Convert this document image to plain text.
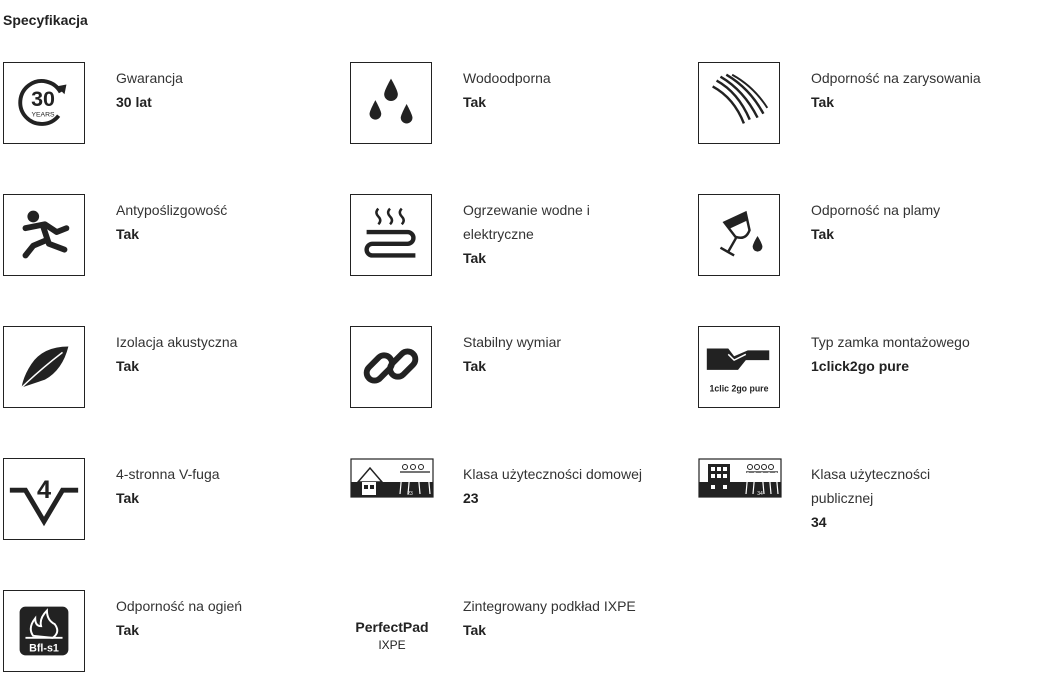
Specyfikacja
30
YEARS
Gwarancja
30 lat
Wodoodporna
Tak
Odporność na zarysowania
Tak
Antypoślizgowość
Tak
Ogrzewanie wodne i elektryczne
Tak
Odporność na plamy
Tak
Izolacja akustyczna
Tak
Stabilny wymiar
Tak
1clic 2go pure
Typ zamka montażowego
1click2go pure
4
4-stronna V-fuga
Tak	23
Klasa użyteczności domowej
23	34
Klasa użyteczności publicznej
34
Bfl-s1
Odporność na ogień
Tak	PerfectPad
IXPE
Zintegrowany podkład IXPE
Tak
